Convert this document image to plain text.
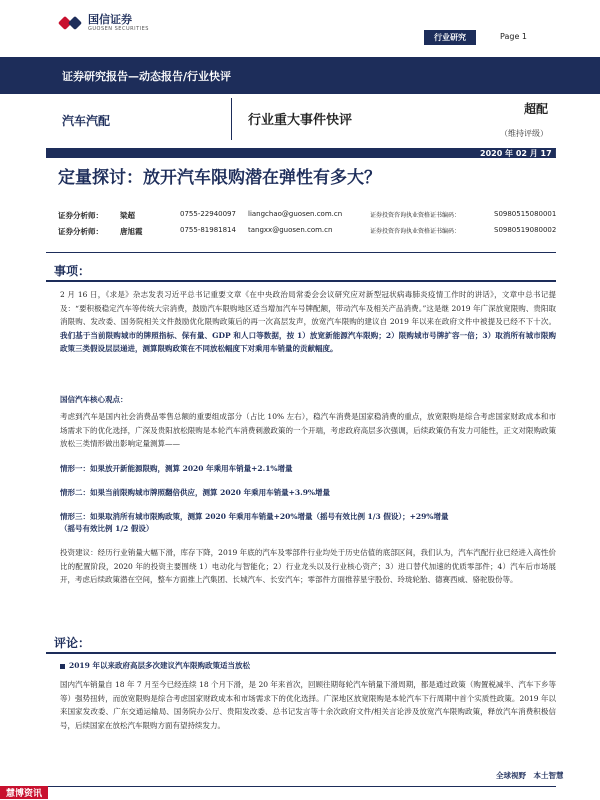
国信证券
GUOSEN SECURITIES
行业研究	Page 1
证券研究报告—动态报告/行业快评
汽车汽配	行业重大事件快评
超配
（维持评级）
2020 年 02 月 17 日
定量探讨：放开汽车限购潜在弹性有多大？
证券分析师：	梁超	0755-22940097	liangchao@guosen.com.cn	证券投资咨询执业资格证书编码：	S0980515080001
证券分析师：	唐旭霞	0755-81981814	tangxx@guosen.com.cn	证券投资咨询执业资格证书编码：	S0980519080002
事项：
2 月 16 日，《求是》杂志发表习近平总书记重要文章《在中央政治局常委会会议研究应对新型冠状病毒肺炎疫情工作时的讲话》，文章中总书记提及：“要积极稳定汽车等传统大宗消费，鼓励汽车限购地区适当增加汽车号牌配额，带动汽车及相关产品消费。”这是继 2019 年广深放宽限购、贵阳取消限购、发改委、国务院相关文件鼓励优化限购政策后的再一次高层发声，放宽汽车限购的建议自 2019 年以来在政府文件中被提及已经不下十次。我们基于当前限购城市的牌照指标、保有量、GDP 和人口等数据，按 1）放宽新能源汽车限购；2）限购城市号牌扩容一倍；3）取消所有城市限购政策三类假设层层递进，测算限购政策在不同放松幅度下对乘用车销量的贡献幅度。
国信汽车核心观点：
考虑到汽车是国内社会消费品零售总额的重要组成部分（占比 10% 左右），稳汽车消费是国家稳消费的重点，放宽限购是综合考虑国家财政成本和市场需求下的优化选择，广深及贵阳放松限购是本轮汽车消费刺激政策的一个开端，考虑政府高层多次强调，后续政策仍有发力可能性，正文对限购政策放松三类情形做出影响定量测算——
情形一：如果放开新能源限购，测算 2020 年乘用车销量+2.1%增量
情形二：如果当前限购城市牌照翻倍供应，测算 2020 年乘用车销量+3.9%增量
情形三：如果取消所有城市限购政策，测算 2020 年乘用车销量+20%增量（摇号有效比例 1/3 假设）；+29%增量
（摇号有效比例 1/2 假设）
投资建议：经历行业销量大幅下滑，库存下降，2019 年底的汽车及零部件行业均处于历史估值的底部区间，我们认为，汽车汽配行业已经进入高性价比的配置阶段，2020 年的投资主要围绕 1）电动化与智能化；2）行业龙头以及行业核心资产；3）进口替代加速的优质零部件；4）汽车后市场展开，考虑后续政策潜在空间，整车方面推上汽集团、长城汽车、长安汽车；零部件方面推荐星宇股份、玲珑轮胎、德赛西威、骆驼股份等。
评论：
2019 年以来政府高层多次建议汽车限购政策适当放松
国内汽车销量自 18 年 7 月至今已经连续 18 个月下滑，是 20 年来首次，回顾往期每轮汽车销量下滑周期，都是通过政策（购置税减半、汽车下乡等等）强势扭转，而放宽限购是综合考虑国家财政成本和市场需求下的优化选择。广深地区放宽限购是本轮汽车下行周期中首个实质性政策。2019 年以来国家发改委、广东交通运输局、国务院办公厅、贵阳发改委、总书记发言等十余次政府文件/相关言论涉及放宽汽车限购政策，释放汽车消费积极信号，后续国家在放松汽车限购方面有望持续发力。
全球视野　本土智慧
慧博资讯
